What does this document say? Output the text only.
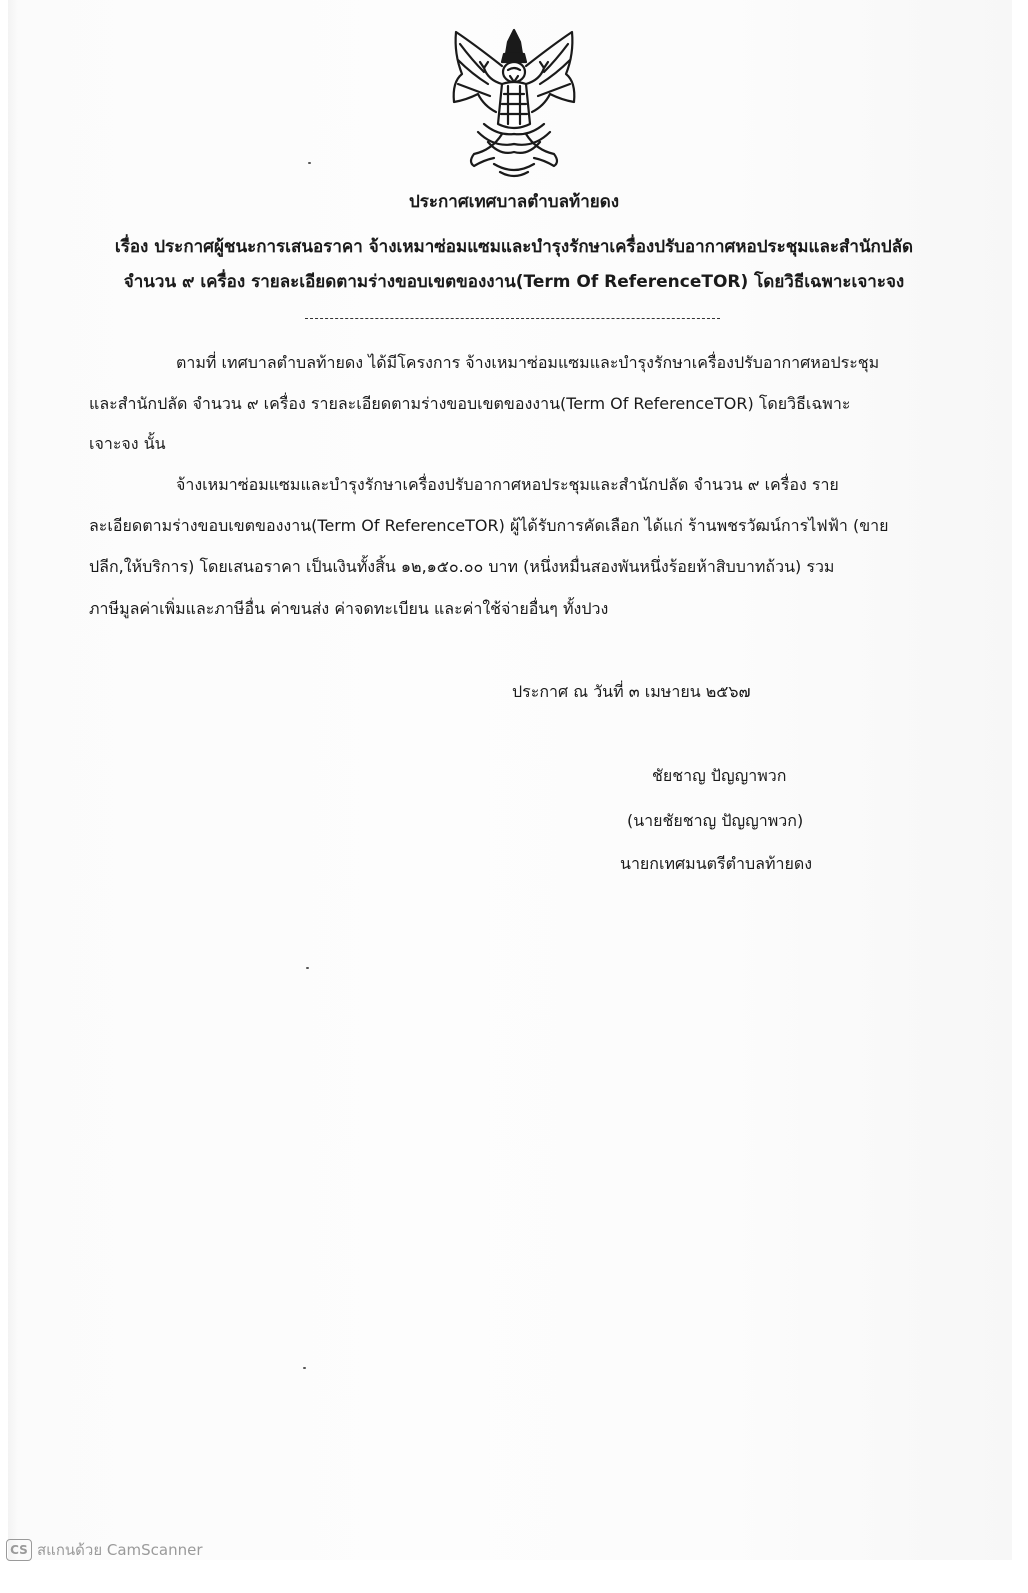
ประกาศเทศบาลตำบลท้ายดง
เรื่อง ประกาศผู้ชนะการเสนอราคา จ้างเหมาซ่อมแซมและบำรุงรักษาเครื่องปรับอากาศหอประชุมและสำนักปลัด
จำนวน ๙ เครื่อง รายละเอียดตามร่างขอบเขตของงาน(Term Of ReferenceTOR) โดยวิธีเฉพาะเจาะจง
ตามที่ เทศบาลตำบลท้ายดง ได้มีโครงการ จ้างเหมาซ่อมแซมและบำรุงรักษาเครื่องปรับอากาศหอประชุม
และสำนักปลัด จำนวน ๙ เครื่อง รายละเอียดตามร่างขอบเขตของงาน(Term Of ReferenceTOR) โดยวิธีเฉพาะ
เจาะจง นั้น
จ้างเหมาซ่อมแซมและบำรุงรักษาเครื่องปรับอากาศหอประชุมและสำนักปลัด จำนวน ๙ เครื่อง ราย
ละเอียดตามร่างขอบเขตของงาน(Term Of ReferenceTOR) ผู้ได้รับการคัดเลือก ได้แก่ ร้านพชรวัฒน์การไฟฟ้า (ขาย
ปลีก,ให้บริการ) โดยเสนอราคา เป็นเงินทั้งสิ้น ๑๒,๑๕๐.๐๐ บาท (หนึ่งหมื่นสองพันหนึ่งร้อยห้าสิบบาทถ้วน) รวม
ภาษีมูลค่าเพิ่มและภาษีอื่น ค่าขนส่ง ค่าจดทะเบียน และค่าใช้จ่ายอื่นๆ ทั้งปวง
ประกาศ ณ วันที่ ๓ เมษายน ๒๕๖๗
ชัยชาญ ปัญญาพวก
(นายชัยชาญ ปัญญาพวก)
นายกเทศมนตรีตำบลท้ายดง
CS สแกนด้วย CamScanner
